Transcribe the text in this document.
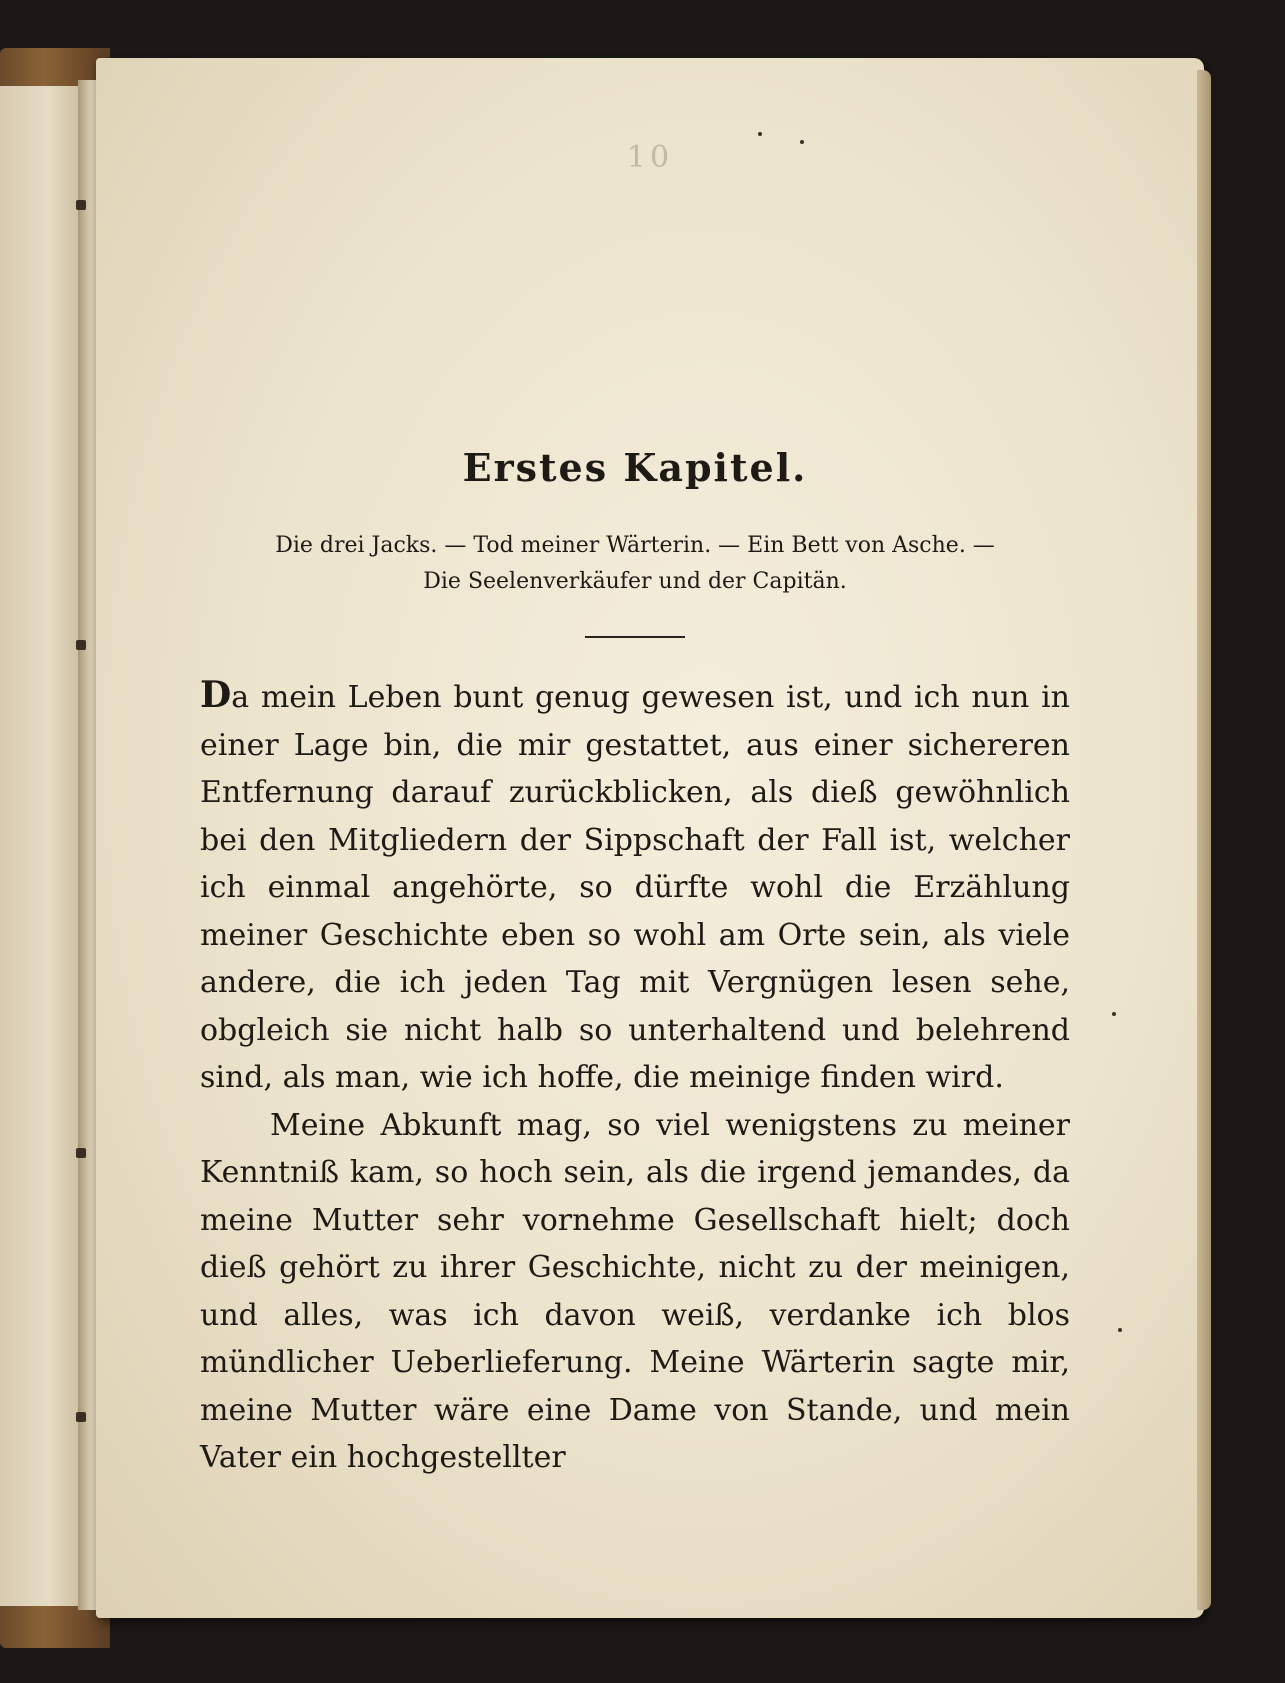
10
Erstes Kapitel.

Die drei Jacks. — Tod meiner Wärterin. — Ein Bett von Asche. —
Die Seelenverkäufer und der Capitän.

Da mein Leben bunt genug gewesen ist, und ich nun in einer Lage bin, die mir gestattet, aus einer sichereren Entfernung darauf zurückblicken, als dieß gewöhnlich bei den Mitgliedern der Sippschaft der Fall ist, welcher ich einmal angehörte, so dürfte wohl die Erzählung meiner Geschichte eben so wohl am Orte sein, als viele andere, die ich jeden Tag mit Vergnügen lesen sehe, obgleich sie nicht halb so unterhaltend und belehrend sind, als man, wie ich hoffe, die meinige finden wird.

Meine Abkunft mag, so viel wenigstens zu meiner Kenntniß kam, so hoch sein, als die irgend jemandes, da meine Mutter sehr vornehme Gesellschaft hielt; doch dieß gehört zu ihrer Geschichte, nicht zu der meinigen, und alles, was ich davon weiß, verdanke ich blos mündlicher Ueberlieferung. Meine Wärterin sagte mir, meine Mutter wäre eine Dame von Stande, und mein Vater ein hochgestellter
